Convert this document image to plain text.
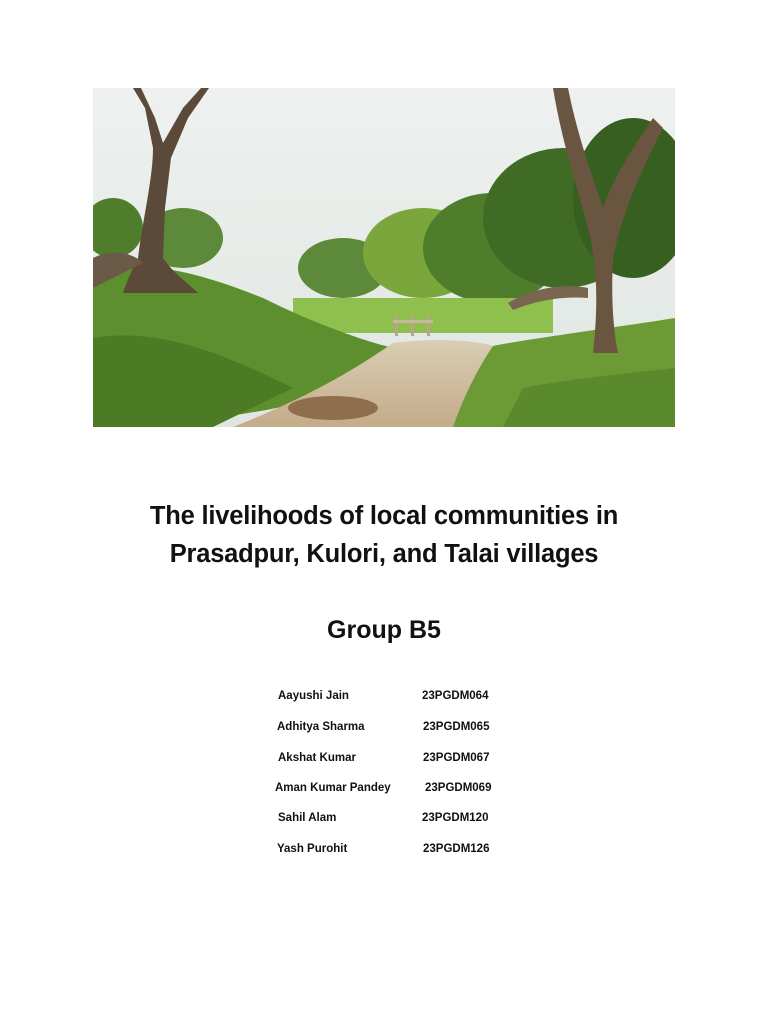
The livelihoods of local communities in
Prasadpur, Kulori, and Talai villages
Group B5
Aayushi Jain	23PGDM064
Adhitya Sharma	23PGDM065
Akshat Kumar	23PGDM067
Aman Kumar Pandey	23PGDM069
Sahil Alam	23PGDM120
Yash Purohit	23PGDM126
